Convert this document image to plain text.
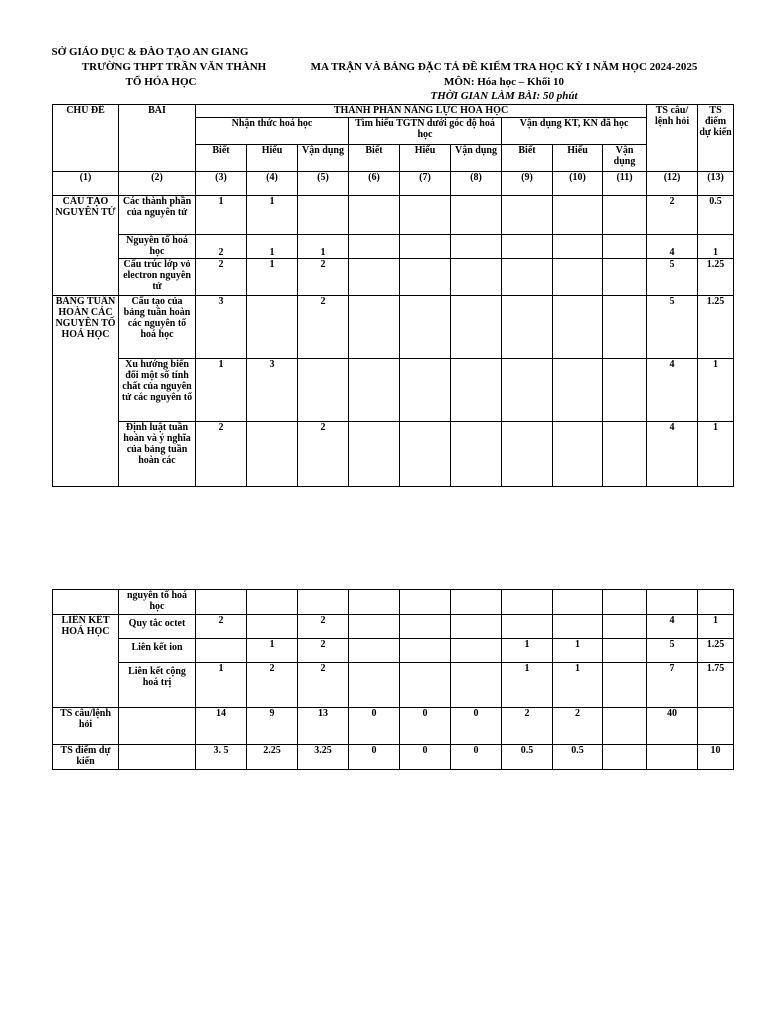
SỞ GIÁO DỤC & ĐÀO TẠO AN GIANG
TRƯỜNG THPT TRẦN VĂN THÀNH
TỔ HÓA HỌC
MA TRẬN VÀ BẢNG ĐẶC TẢ ĐỀ KIỂM TRA HỌC KỲ I NĂM HỌC 2024-2025
MÔN: Hóa học – Khối 10
THỜI GIAN LÀM BÀI: 50 phút
CHỦ ĐỀ	BÀI	THÀNH PHẦN NĂNG LỰC HOÁ HỌC									TS câu/ lệnh hỏi	TS điểm dự kiến
		Nhận thức hoá học			Tìm hiểu TGTN dưới góc độ hoá học			Vận dụng KT, KN đã học				
		Biết	Hiểu	Vận dụng	Biết	Hiểu	Vận dụng	Biết	Hiểu	Vận dụng		
(1)	(2)	(3)	(4)	(5)	(6)	(7)	(8)	(9)	(10)	(11)	(12)	(13)
CẤU TẠO NGUYÊN TỬ	Các thành phần của nguyên tử	1	1								2	0.5
	Nguyên tố hoá học	2	1	1							4	1
	Cấu trúc lớp vỏ electron nguyên tử	2	1	2							5	1.25
BẢNG TUẦN HOÀN CÁC NGUYÊN TỐ HOÁ HỌC	Cấu tạo của bảng tuần hoàn các nguyên tố hoá học	3		2							5	1.25
	Xu hướng biến đổi một số tính chất của nguyên tử các nguyên tố	1	3								4	1
	Định luật tuần hoàn và ý nghĩa của bảng tuần hoàn các	2		2							4	1
	nguyên tố hoá học											
LIÊN KẾT HOÁ HỌC	Quy tắc octet	2		2							4	1
	Liên kết ion		1	2				1	1		5	1.25
	Liên kết cộng hoá trị	1	2	2				1	1		7	1.75
TS câu/lệnh hỏi		14	9	13	0	0	0	2	2		40	
TS điểm dự kiến		3. 5	2.25	3.25	0	0	0	0.5	0.5			10
